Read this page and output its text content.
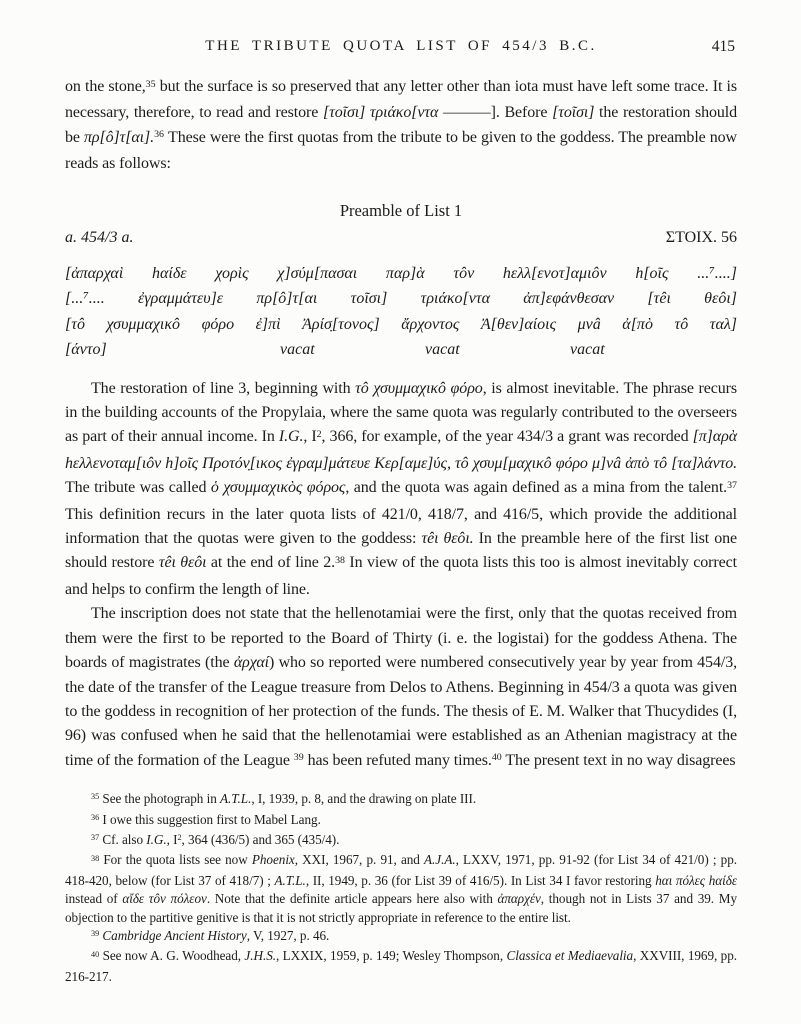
THE TRIBUTE QUOTA LIST OF 454/3 B.C.	415

on the stone,$^{35}$ but the surface is so preserved that any letter other than iota must have left some trace. It is necessary, therefore, to read and restore [τοῖσι] τριάκο[ντα ———]. Before [τοῖσι] the restoration should be πρ[ô]τ[αι].$^{36}$ These were the first quotas from the tribute to be given to the goddess. The preamble now reads as follows:

Preamble of List 1
a. 454/3 a.	ΣΤΟΙΧ. 56
[ἀπαρχαὶ hαίδε χορὶς χ]σύμ[πασαι παρ]ὰ τôν hελλ[ενοτ]αμιôν h[οῖς ...⁷....]
[...⁷.... ἐγραμμάτευ]ε πρ[ô]τ[αι τοῖσι] τριάκο[ντα ἀπ]εφάνθεσαν [τêι θεôι]
[τô χσυμμαχικô φόρο ἐ]πὶ Ἀρίσ̣[τονος] ἄρχοντος Ἀ[θεν]αίοις μνâ ἀ[πὸ τô ταλ]
[άντο]	vacat	vacat	vacat

The restoration of line 3, beginning with τô χσυμμαχικô φόρο, is almost inevitable. The phrase recurs in the building accounts of the Propylaia, where the same quota was regularly contributed to the overseers as part of their annual income. In I.G., $I^2$, 366, for example, of the year 434/3 a grant was recorded [π]αρὰ hελλενοταμ[ιôν h]οῖς Προτόν̣[ικος ἐγραμ]μάτευε Κερ[αμε]ύς, τô χσυμ[μαχικô φόρο μ]νâ ἀπὸ τô [τα]λάντο. The tribute was called ὁ χσυμμαχικὸς φόρος, and the quota was again defined as a mina from the talent.$^{37}$ This definition recurs in the later quota lists of 421/0, 418/7, and 416/5, which provide the additional information that the quotas were given to the goddess: τêι θεôι. In the preamble here of the first list one should restore τêι θεôι at the end of line 2.38 In view of the quota lists this too is almost inevitably correct and helps to confirm the length of line.

The inscription does not state that the hellenotamiai were the first, only that the quotas received from them were the first to be reported to the Board of Thirty (i. e. the logistai) for the goddess Athena. The boards of magistrates (the ἀρχαί) who so reported were numbered consecutively year by year from 454/3, the date of the transfer of the League treasure from Delos to Athens. Beginning in 454/3 a quota was given to the goddess in recognition of her protection of the funds. The thesis of E. M. Walker that Thucydides (I, 96) was confused when he said that the hellenotamiai were established as an Athenian magistracy at the time of the formation of the League $^{39}$ has been refuted many times.$^{40}$ The present text in no way disagrees

$^{35}$ See the photograph in A.T.L., I, 1939, p. 8, and the drawing on plate III.

$^{36}$ I owe this suggestion first to Mabel Lang.

$^{37}$ Cf. also I.G., $I^2$, 364 (436/5) and 365 (435/4).

$^{38}$ For the quota lists see now Phoenix, XXI, 1967, p. 91, and A.J.A., LXXV, 1971, pp. 91-92 (for List 34 of 421/0) ; pp. 418-420, below (for List 37 of 418/7) ; A.T.L., II, 1949, p. 36 (for List 39 of 416/5). In List 34 I favor restoring hαι πόλες hαίδε instead of αἴδε τôν πόλεον. Note that the definite article appears here also with ἀπαρχέν, though not in Lists 37 and 39. My objection to the partitive genitive is that it is not strictly appropriate in reference to the entire list.

$^{39}$ Cambridge Ancient History, V, 1927, p. 46.

$^{40}$ See now A. G. Woodhead, J.H.S., LXXIX, 1959, p. 149; Wesley Thompson, Classica et Mediaevalia, XXVIII, 1969, pp. 216-217.
